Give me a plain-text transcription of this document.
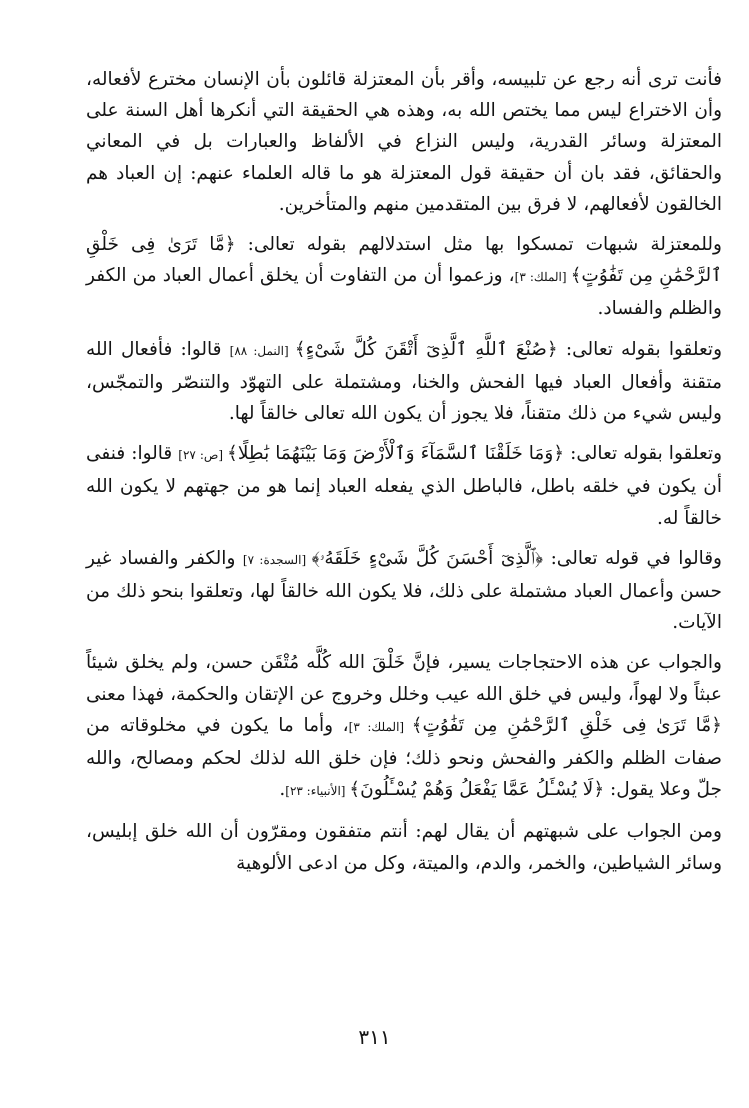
فأنت ترى أنه رجع عن تلبيسه، وأقر بأن المعتزلة قائلون بأن الإنسان مخترع لأفعاله، وأن الاختراع ليس مما يختص الله به، وهذه هي الحقيقة التي أنكرها أهل السنة على المعتزلة وسائر القدرية، وليس النزاع في الألفاظ والعبارات بل في المعاني والحقائق، فقد بان أن حقيقة قول المعتزلة هو ما قاله العلماء عنهم: إن العباد هم الخالقون لأفعالهم، لا فرق بين المتقدمين منهم والمتأخرين.

وللمعتزلة شبهات تمسكوا بها مثل استدلالهم بقوله تعالى: ﴿مَّا تَرَىٰ فِى خَلْقِ ٱلرَّحْمَٰنِ مِن تَفَٰوُتٍ﴾ [الملك: ٣]، وزعموا أن من التفاوت أن يخلق أعمال العباد من الكفر والظلم والفساد.

وتعلقوا بقوله تعالى: ﴿صُنْعَ ٱللَّهِ ٱلَّذِىٓ أَتْقَنَ كُلَّ شَىْءٍ﴾ [النمل: ٨٨] قالوا: فأفعال الله متقنة وأفعال العباد فيها الفحش والخنا، ومشتملة على التهوّد والتنصّر والتمجّس، وليس شيء من ذلك متقناً، فلا يجوز أن يكون الله تعالى خالقاً لها.

وتعلقوا بقوله تعالى: ﴿وَمَا خَلَقْنَا ٱلسَّمَآءَ وَٱلْأَرْضَ وَمَا بَيْنَهُمَا بَٰطِلًا﴾ [ص: ٢٧] قالوا: فنفى أن يكون في خلقه باطل، فالباطل الذي يفعله العباد إنما هو من جهتهم لا يكون الله خالقاً له.

وقالوا في قوله تعالى: ﴿ٱلَّذِىٓ أَحْسَنَ كُلَّ شَىْءٍ خَلَقَهُۥ﴾ [السجدة: ٧] والكفر والفساد غير حسن وأعمال العباد مشتملة على ذلك، فلا يكون الله خالقاً لها، وتعلقوا بنحو ذلك من الآيات.

والجواب عن هذه الاحتجاجات يسير، فإنَّ خَلْقَ الله كُلَّه مُتْقَن حسن، ولم يخلق شيئاً عبثاً ولا لهواً، وليس في خلق الله عيب وخلل وخروج عن الإتقان والحكمة، فهذا معنى ﴿مَّا تَرَىٰ فِى خَلْقِ ٱلرَّحْمَٰنِ مِن تَفَٰوُتٍ﴾ [الملك: ٣]، وأما ما يكون في مخلوقاته من صفات الظلم والكفر والفحش ونحو ذلك؛ فإن خلق الله لذلك لحكم ومصالح، والله جلّ وعلا يقول: ﴿لَا يُسْـَٔلُ عَمَّا يَفْعَلُ وَهُمْ يُسْـَٔلُونَ﴾ [الأنبياء: ٢٣].

ومن الجواب على شبهتهم أن يقال لهم: أنتم متفقون ومقرّون أن الله خلق إبليس، وسائر الشياطين، والخمر، والدم، والميتة، وكل من ادعى الألوهية

٣١١
